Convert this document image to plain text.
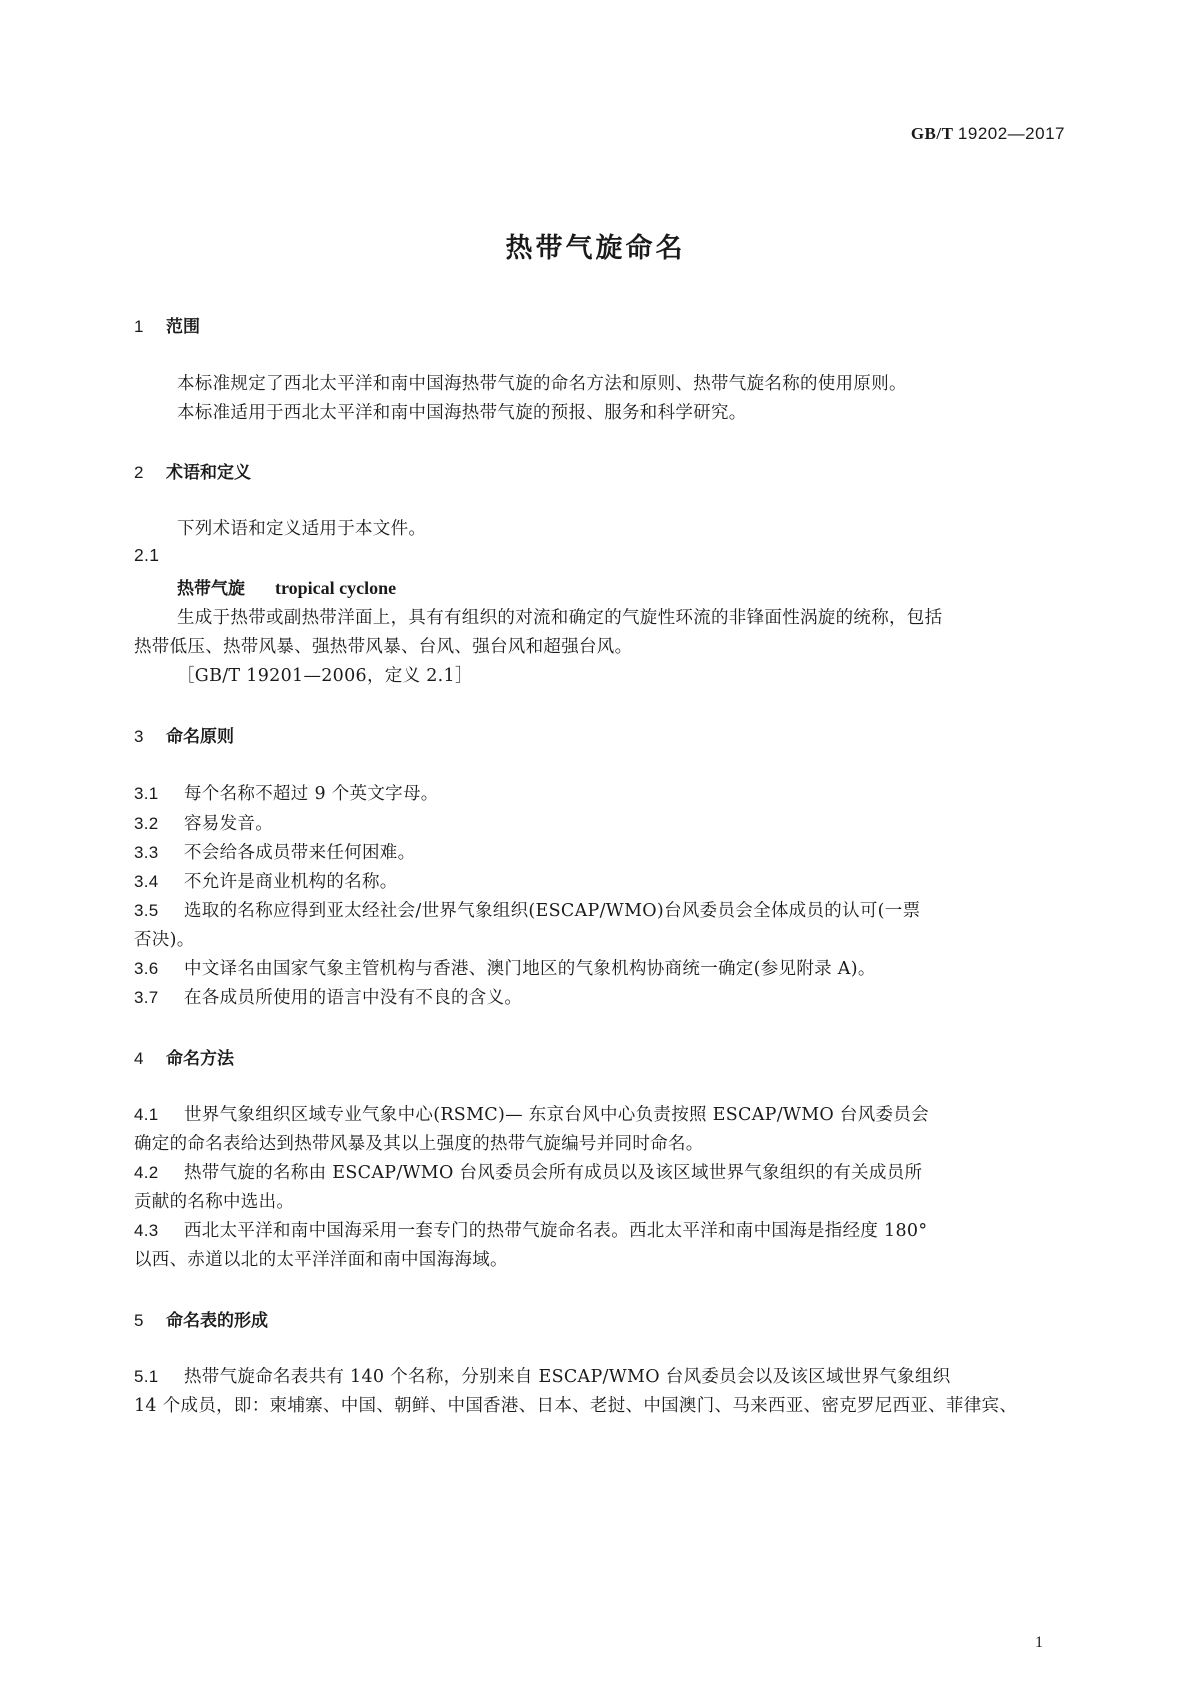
GB/T 19202—2017
热带气旋命名
1 范围
本标准规定了西北太平洋和南中国海热带气旋的命名方法和原则、热带气旋名称的使用原则。
本标准适用于西北太平洋和南中国海热带气旋的预报、服务和科学研究。
2 术语和定义
下列术语和定义适用于本文件。
2.1
热带气旋 tropical cyclone
生成于热带或副热带洋面上，具有有组织的对流和确定的气旋性环流的非锋面性涡旋的统称，包括
热带低压、热带风暴、强热带风暴、台风、强台风和超强台风。
［GB/T 19201—2006，定义 2.1］
3 命名原则
3.1 每个名称不超过 9 个英文字母。
3.2 容易发音。
3.3 不会给各成员带来任何困难。
3.4 不允许是商业机构的名称。
3.5 选取的名称应得到亚太经社会/世界气象组织(ESCAP/WMO)台风委员会全体成员的认可(一票
否决)。
3.6 中文译名由国家气象主管机构与香港、澳门地区的气象机构协商统一确定(参见附录 A)。
3.7 在各成员所使用的语言中没有不良的含义。
4 命名方法
4.1 世界气象组织区域专业气象中心(RSMC)— 东京台风中心负责按照 ESCAP/WMO 台风委员会
确定的命名表给达到热带风暴及其以上强度的热带气旋编号并同时命名。
4.2 热带气旋的名称由 ESCAP/WMO 台风委员会所有成员以及该区域世界气象组织的有关成员所
贡献的名称中选出。
4.3 西北太平洋和南中国海采用一套专门的热带气旋命名表。西北太平洋和南中国海是指经度 180°
以西、赤道以北的太平洋洋面和南中国海海域。
5 命名表的形成
5.1 热带气旋命名表共有 140 个名称，分别来自 ESCAP/WMO 台风委员会以及该区域世界气象组织
14 个成员，即：柬埔寨、中国、朝鲜、中国香港、日本、老挝、中国澳门、马来西亚、密克罗尼西亚、菲律宾、
1
